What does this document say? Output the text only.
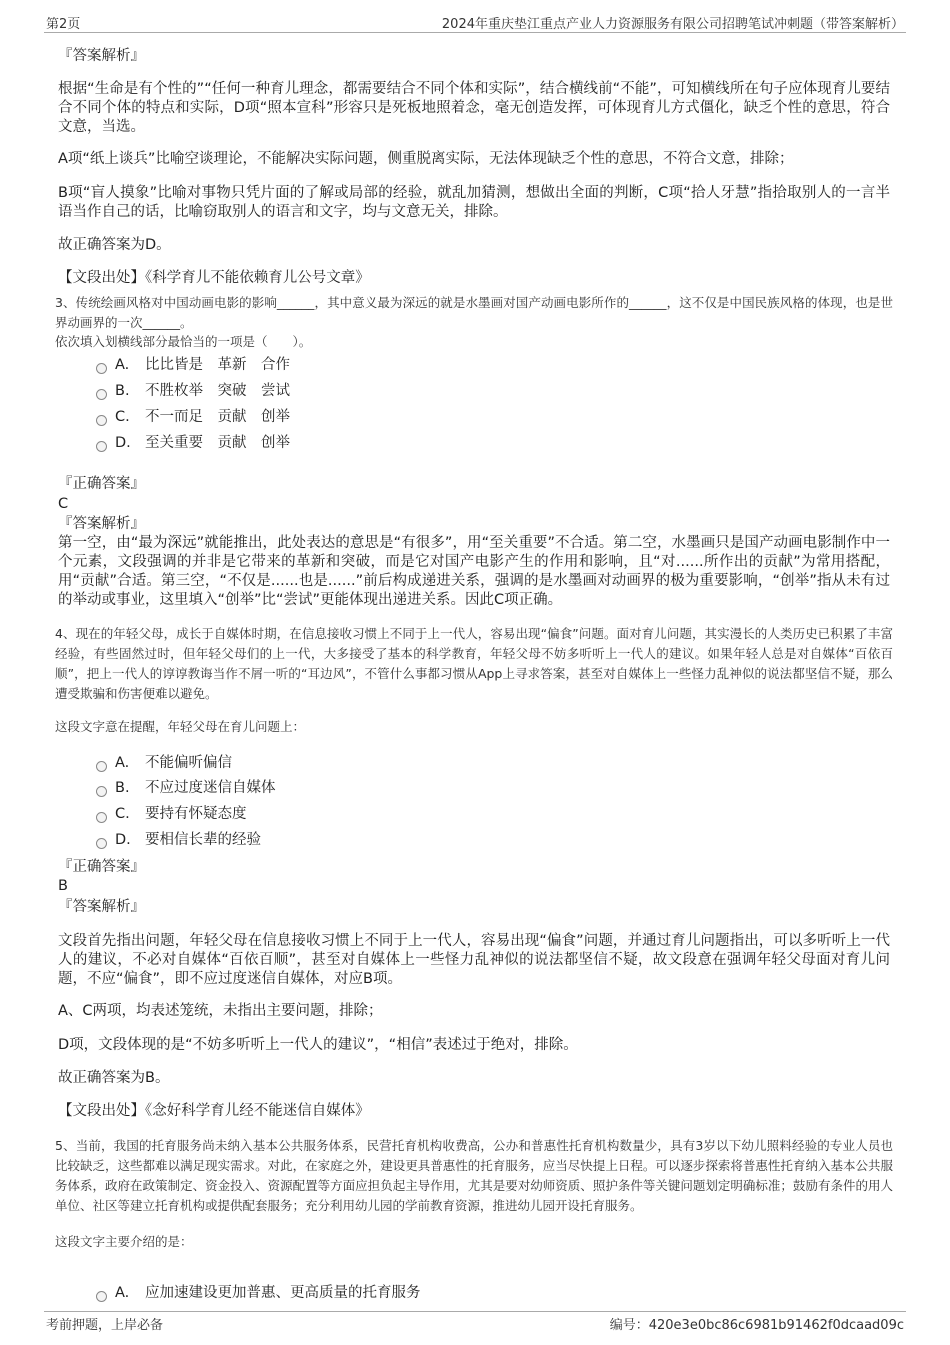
第2页	2024年重庆垫江重点产业人力资源服务有限公司招聘笔试冲刺题（带答案解析）
『答案解析』
根据“生命是有个性的”“任何一种育儿理念，都需要结合不同个体和实际”，结合横线前“不能”，可知横线所在句子应体现育儿要结合不同个体的特点和实际，D项“照本宣科”形容只是死板地照着念，毫无创造发挥，可体现育儿方式僵化，缺乏个性的意思，符合文意，当选。
A项“纸上谈兵”比喻空谈理论，不能解决实际问题，侧重脱离实际，无法体现缺乏个性的意思，不符合文意，排除；
B项“盲人摸象”比喻对事物只凭片面的了解或局部的经验，就乱加猜测，想做出全面的判断，C项“拾人牙慧”指拾取别人的一言半语当作自己的话，比喻窃取别人的语言和文字，均与文意无关，排除。
故正确答案为D。
【文段出处】《科学育儿不能依赖育儿公号文章》
3、传统绘画风格对中国动画电影的影响______，其中意义最为深远的就是水墨画对国产动画电影所作的______，这不仅是中国民族风格的体现，也是世界动画界的一次______。
依次填入划横线部分最恰当的一项是（　　）。
A.	比比皆是　革新　合作
B.	不胜枚举　突破　尝试
C.	不一而足　贡献　创举
D. 至关重要　贡献　创举
『正确答案』
C
『答案解析』
第一空，由“最为深远”就能推出，此处表达的意思是“有很多”，用“至关重要”不合适。第二空，水墨画只是国产动画电影制作中一个元素，文段强调的并非是它带来的革新和突破，而是它对国产电影产生的作用和影响，且“对......所作出的贡献”为常用搭配，用“贡献”合适。第三空，“不仅是......也是......”前后构成递进关系，强调的是水墨画对动画界的极为重要影响，“创举”指从未有过的举动或事业，这里填入“创举”比“尝试”更能体现出递进关系。因此C项正确。
4、现在的年轻父母，成长于自媒体时期，在信息接收习惯上不同于上一代人，容易出现“偏食”问题。面对育儿问题，其实漫长的人类历史已积累了丰富经验，有些固然过时，但年轻父母们的上一代，大多接受了基本的科学教育，年轻父母不妨多听听上一代人的建议。如果年轻人总是对自媒体“百依百顺”，把上一代人的谆谆教诲当作不屑一听的“耳边风”，不管什么事都习惯从App上寻求答案，甚至对自媒体上一些怪力乱神似的说法都坚信不疑，那么遭受欺骗和伤害便难以避免。
这段文字意在提醒，年轻父母在育儿问题上：
A.	不能偏听偏信
B.	不应过度迷信自媒体
C.	要持有怀疑态度
D. 要相信长辈的经验
『正确答案』
B
『答案解析』
文段首先指出问题，年轻父母在信息接收习惯上不同于上一代人，容易出现“偏食”问题，并通过育儿问题指出，可以多听听上一代人的建议，不必对自媒体“百依百顺”，甚至对自媒体上一些怪力乱神似的说法都坚信不疑，故文段意在强调年轻父母面对育儿问题，不应“偏食”，即不应过度迷信自媒体，对应B项。
A、C两项，均表述笼统，未指出主要问题，排除；
D项，文段体现的是“不妨多听听上一代人的建议”，“相信”表述过于绝对，排除。
故正确答案为B。
【文段出处】《念好科学育儿经不能迷信自媒体》
5、当前，我国的托育服务尚未纳入基本公共服务体系，民营托育机构收费高，公办和普惠性托育机构数量少，具有3岁以下幼儿照料经验的专业人员也比较缺乏，这些都难以满足现实需求。对此，在家庭之外，建设更具普惠性的托育服务，应当尽快提上日程。可以逐步探索将普惠性托育纳入基本公共服务体系，政府在政策制定、资金投入、资源配置等方面应担负起主导作用，尤其是要对幼师资质、照护条件等关键问题划定明确标准；鼓励有条件的用人单位、社区等建立托育机构或提供配套服务；充分利用幼儿园的学前教育资源，推进幼儿园开设托育服务。
这段文字主要介绍的是：
A.	应加速建设更加普惠、更高质量的托育服务
考前押题，上岸必备	编号：420e3e0bc86c6981b91462f0dcaad09c
